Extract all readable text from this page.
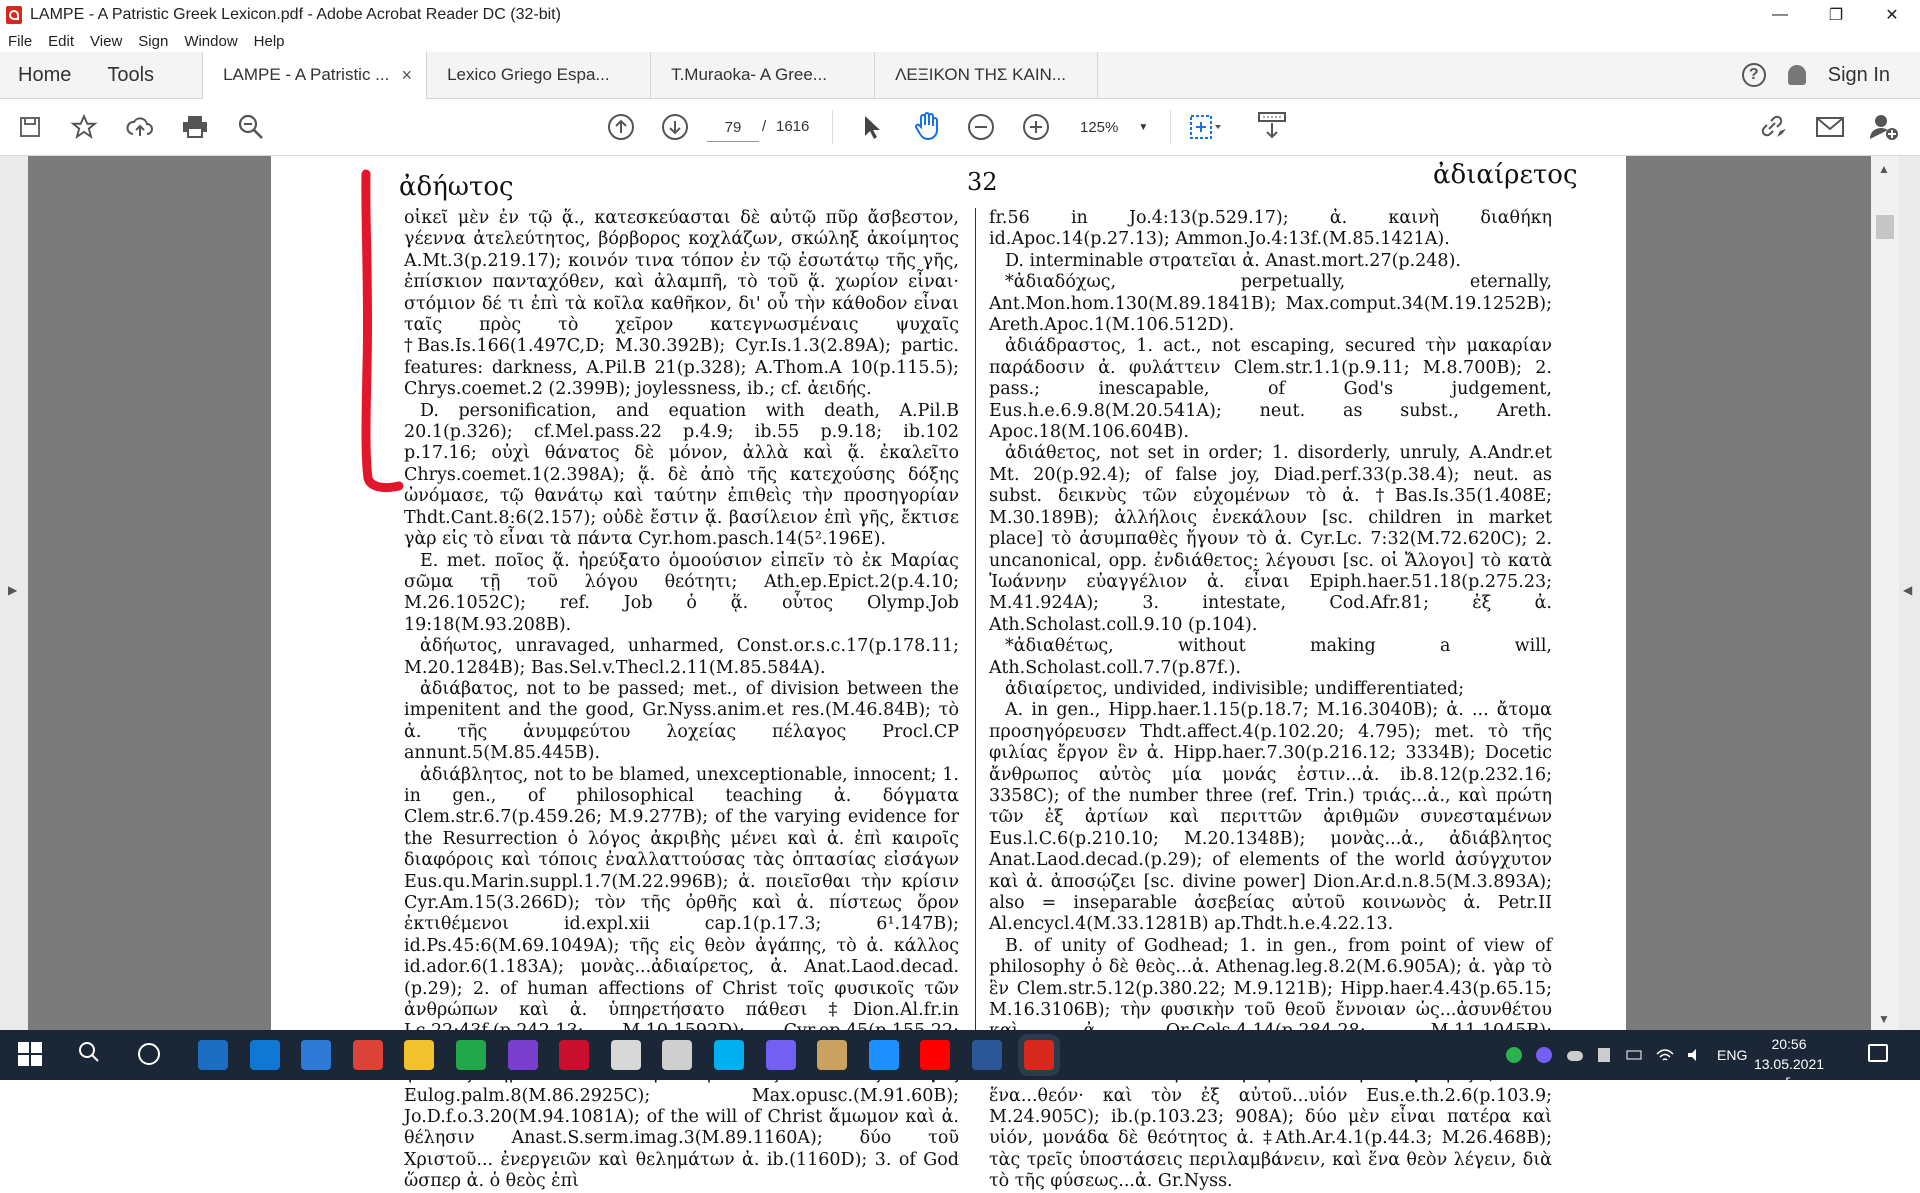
LAMPE - A Patristic Greek Lexicon.pdf - Adobe Acrobat Reader DC (32-bit)	—	❐	✕
File	Edit	View	Sign	Window	Help
Home	Tools	LAMPE - A Patristic ... × Lexico Griego Espa...	T.Muraoka- A Gree...	ΛΕΞΙΚΟΝ ΤΗΣ ΚΑΙΝ...	?	Sign In
79	/ 1616	125% ▼
▶
ἀδήωτος	32	ἀδιαίρετος

οἰκεῖ μὲν ἐν τῷ ᾅ., κατεσκεύασται δὲ αὐτῷ πῦρ ἄσβεστον, γέεννα ἀτελεύτητος, βόρβορος κοχλάζων, σκώληξ ἀκοίμητος A.Mt.3(p.219.17); κοινόν τινα τόπον ἐν τῷ ἐσωτάτῳ τῆς γῆς, ἐπίσκιον πανταχόθεν, καὶ ἀλαμπῆ, τὸ τοῦ ᾅ. χωρίον εἶναι· στόμιον δέ τι ἐπὶ τὰ κοῖλα καθῆκον, δι' οὗ τὴν κάθοδον εἶναι ταῖς πρὸς τὸ χεῖρον κατεγνωσμέναις ψυχαῖς †Bas.Is.166(1.497C,D; M.30.392B); Cyr.Is.1.3(2.89A); partic. features: darkness, A.Pil.B 21(p.328); A.Thom.A 10(p.115.5); Chrys.coemet.2 (2.399B); joylessness, ib.; cf. ἀειδής.

D. personification, and equation with death, A.Pil.B 20.1(p.326); cf.Mel.pass.22 p.4.9; ib.55 p.9.18; ib.102 p.17.16; οὐχὶ θάνατος δὲ μόνον, ἀλλὰ καὶ ᾅ. ἐκαλεῖτο Chrys.coemet.1(2.398A); ᾅ. δὲ ἀπὸ τῆς κατεχούσης δόξης ὠνόμασε, τῷ θανάτῳ καὶ ταύτην ἐπιθεὶς τὴν προσηγορίαν Thdt.Cant.8:6(2.157); οὐδὲ ἔστιν ᾅ. βασίλειον ἐπὶ γῆς, ἔκτισε γὰρ εἰς τὸ εἶναι τὰ πάντα Cyr.hom.pasch.14(5².196E).

E. met. ποῖος ᾅ. ἠρεύξατο ὁμοούσιον εἰπεῖν τὸ ἐκ Μαρίας σῶμα τῇ τοῦ λόγου θεότητι; Ath.ep.Epict.2(p.4.10; M.26.1052C); ref. Job ὁ ᾅ. οὗτος Olymp.Job 19:18(M.93.208B).

ἀδήωτος, unravaged, unharmed, Const.or.s.c.17(p.178.11; M.20.1284B); Bas.Sel.v.Thecl.2.11(M.85.584A).

ἀδιάβατος, not to be passed; met., of division between the impenitent and the good, Gr.Nyss.anim.et res.(M.46.84B); τὸ ἀ. τῆς ἀνυμφεύτου λοχείας πέλαγος Procl.CP annunt.5(M.85.445B).

ἀδιάβλητος, not to be blamed, unexceptionable, innocent; 1. in gen., of philosophical teaching ἀ. δόγματα Clem.str.6.7(p.459.26; M.9.277B); of the varying evidence for the Resurrection ὁ λόγος ἀκριβὴς μένει καὶ ἀ. ἐπὶ καιροῖς διαφόροις καὶ τόποις ἐναλλαττούσας τὰς ὀπτασίας εἰσάγων Eus.qu.Marin.suppl.1.7(M.22.996B); ἀ. ποιεῖσθαι τὴν κρίσιν Cyr.Am.15(3.266D); τὸν τῆς ὀρθῆς καὶ ἀ. πίστεως ὅρον ἐκτιθέμενοι id.expl.xii cap.1(p.17.3; 6¹.147B); id.Ps.45:6(M.69.1049A); τῆς εἰς θεὸν ἀγάπης, τὸ ἀ. κάλλος id.ador.6(1.183A); μονὰς...ἀδιαίρετος, ἀ. Anat.Laod.decad.(p.29); 2. of human affections of Christ τοῖς φυσικοῖς τῶν ἀνθρώπων καὶ ἀ. ὑπηρετήσατο πάθεσι ‡Dion.Al.fr.in Eulog.palm.8(M.86.2925C); Max.opusc.(M.91.60B); Jo.D.f.o.3.20(M.94.1081A); of the will of Christ ἄμωμον καὶ ἀ. θέλησιν Anast.S.serm.imag.3(M.89.1160A); δύο τοῦ Χριστοῦ... ἐνεργειῶν καὶ θελημάτων ἀ. ib.(1160D); 3. of God ὥσπερ ἀ. ὁ θεὸς ἐπὶ

fr.56 in Jo.4:13(p.529.17); ἀ. καινὴ διαθήκη id.Apoc.14(p.27.13); Ammon.Jo.4:13f.(M.85.1421A).

D. interminable στρατεῖαι ἀ. Anast.mort.27(p.248).

*ἀδιαδόχως, perpetually, eternally, Ant.Mon.hom.130(M.89.1841B); Max.comput.34(M.19.1252B); Areth.Apoc.1(M.106.512D).

ἀδιάδραστος, 1. act., not escaping, secured τὴν μακαρίαν παράδοσιν ἀ. φυλάττειν Clem.str.1.1(p.9.11; M.8.700B); 2. pass.; inescapable, of God's judgement, Eus.h.e.6.9.8(M.20.541A); neut. as subst., Areth. Apoc.18(M.106.604B).

ἀδιάθετος, not set in order; 1. disorderly, unruly, A.Andr.et Mt. 20(p.92.4); of false joy, Diad.perf.33(p.38.4); neut. as subst. δεικνὺς τῶν εὐχομένων τὸ ἀ. †Bas.Is.35(1.408E; M.30.189B); ἀλλήλοις ἐνεκάλουν [sc. children in market place] τὸ ἀσυμπαθὲς ἤγουν τὸ ἀ. Cyr.Lc. 7:32(M.72.620C); 2. uncanonical, opp. ἐνδιάθετος: λέγουσι [sc. οἱ Ἄλογοι] τὸ κατὰ Ἰωάννην εὐαγγέλιον ἀ. εἶναι Epiph.haer.51.18(p.275.23; M.41.924A); 3. intestate, Cod.Afr.81; ἐξ ἀ. Ath.Scholast.coll.9.10 (p.104).

*ἀδιαθέτως, without making a will, Ath.Scholast.coll.7.7(p.87f.).

ἀδιαίρετος, undivided, indivisible; undifferentiated;

A. in gen., Hipp.haer.1.15(p.18.7; M.16.3040B); ἀ. ... ἄτομα προσηγόρευσεν Thdt.affect.4(p.102.20; 4.795); met. τὸ τῆς φιλίας ἔργον ἓν ἀ. Hipp.haer.7.30(p.216.12; 3334B); Docetic ἄνθρωπος αὐτὸς μία μονάς ἐστιν...ἀ. ib.8.12(p.232.16; 3358C); of the number three (ref. Trin.) τριάς...ἀ., καὶ πρώτη τῶν ἐξ ἀρτίων καὶ περιττῶν ἀριθμῶν συνεσταμένων Eus.l.C.6(p.210.10; M.20.1348B); μονὰς...ἀ., ἀδιάβλητος Anat.Laod.decad.(p.29); of elements of the world ἀσύγχυτον καὶ ἀ. ἀποσῴζει [sc. divine power] Dion.Ar.d.n.8.5(M.3.893A); also = inseparable ἀσεβείας αὐτοῦ κοινωνὸς ἀ. Petr.II Al.encycl.4(M.33.1281B) ap.Thdt.h.e.4.22.13.

B. of unity of Godhead; 1. in gen., from point of view of philosophy ὁ δὲ θεὸς...ἀ. Athenag.leg.8.2(M.6.905A); ἀ. γὰρ τὸ ἓν Clem.str.5.12(p.380.22; M.9.121B); Hipp.haer.4.43(p.65.15; M.16.3106B); τὴν φυσικὴν τοῦ θεοῦ ἔννοιαν ὡς...ἀσυνθέτου ἕνα...θεόν· καὶ τὸν ἐξ αὐτοῦ...υἱόν Eus.e.th.2.6(p.103.9; M.24.905C); ib.(p.103.23; 908A); δύο μὲν εἶναι πατέρα καὶ υἱόν, μονάδα δὲ θεότητος ἀ. ‡Ath.Ar.4.1(p.44.3; M.26.468B); τὰς τρεῖς ὑποστάσεις περιλαμβάνειν, καὶ ἕνα θεὸν λέγειν, διὰ τὸ τῆς φύσεως...ἀ. Gr.Nyss.

▲
▼
◀
ENG
20:56
13.05.2021 г.
